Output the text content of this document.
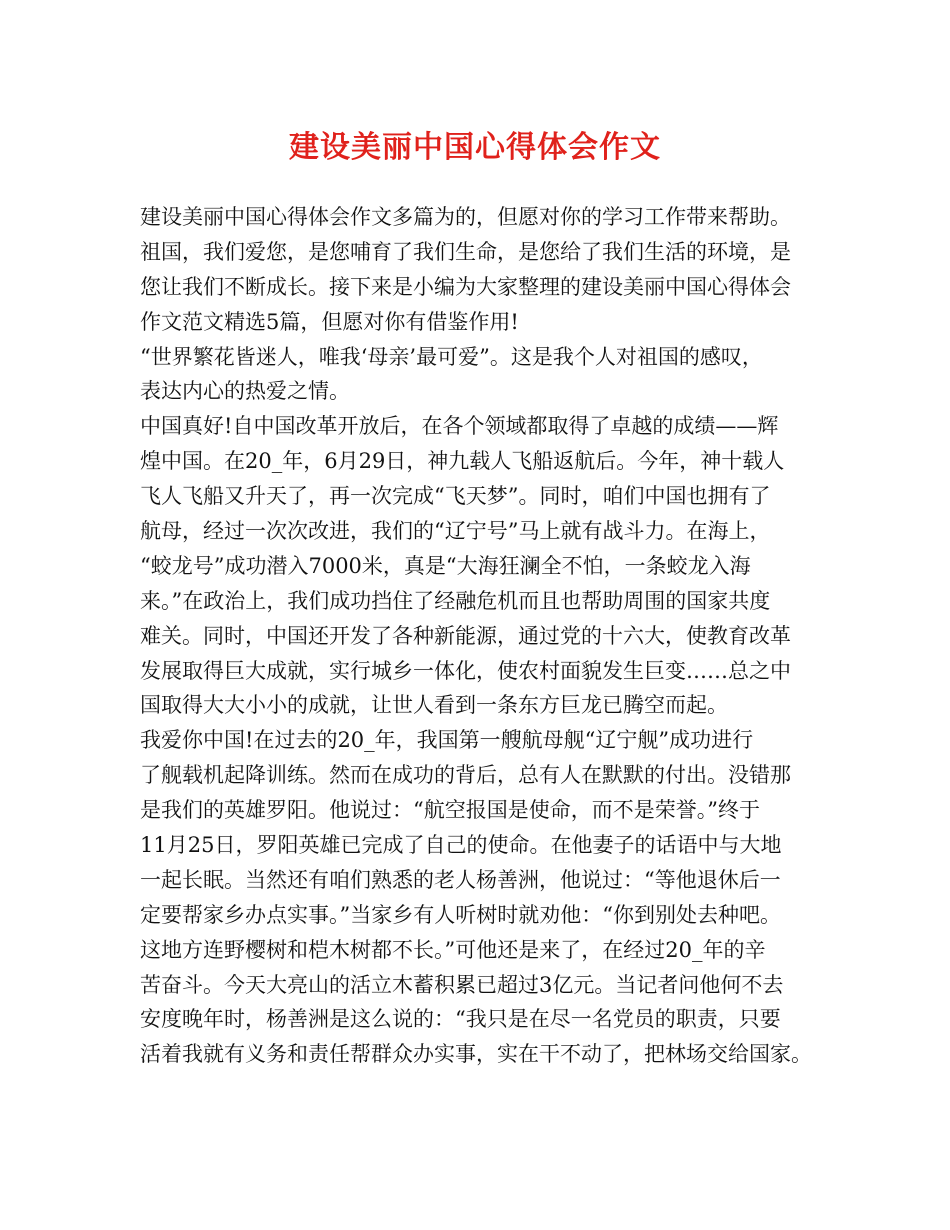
建设美丽中国心得体会作文
建设美丽中国心得体会作文多篇为的，但愿对你的学习工作带来帮助。
祖国，我们爱您，是您哺育了我们生命，是您给了我们生活的环境，是
您让我们不断成长。接下来是小编为大家整理的建设美丽中国心得体会
作文范文精选5篇，但愿对你有借鉴作用!
“世界繁花皆迷人，唯我‘母亲’最可爱”。这是我个人对祖国的感叹，
表达内心的热爱之情。
中国真好!自中国改革开放后，在各个领域都取得了卓越的成绩——辉
煌中国。在20_年，6月29日，神九载人飞船返航后。今年，神十载人
飞人飞船又升天了，再一次完成“飞天梦”。同时，咱们中国也拥有了
航母，经过一次次改进，我们的“辽宁号”马上就有战斗力。在海上，
“蛟龙号”成功潜入7000米，真是“大海狂澜全不怕，一条蛟龙入海
来。”在政治上，我们成功挡住了经融危机而且也帮助周围的国家共度
难关。同时，中国还开发了各种新能源，通过党的十六大，使教育改革
发展取得巨大成就，实行城乡一体化，使农村面貌发生巨变……总之中
国取得大大小小的成就，让世人看到一条东方巨龙已腾空而起。
我爱你中国!在过去的20_年，我国第一艘航母舰“辽宁舰”成功进行
了舰载机起降训练。然而在成功的背后，总有人在默默的付出。没错那
是我们的英雄罗阳。他说过：“航空报国是使命，而不是荣誉。”终于
11月25日，罗阳英雄已完成了自己的使命。在他妻子的话语中与大地
一起长眠。当然还有咱们熟悉的老人杨善洲，他说过：“等他退休后一
定要帮家乡办点实事。”当家乡有人听树时就劝他：“你到别处去种吧。
这地方连野樱树和桤木树都不长。”可他还是来了，在经过20_年的辛
苦奋斗。今天大亮山的活立木蓄积累已超过3亿元。当记者问他何不去
安度晚年时，杨善洲是这么说的：“我只是在尽一名党员的职责，只要
活着我就有义务和责任帮群众办实事，实在干不动了，把林场交给国家。
